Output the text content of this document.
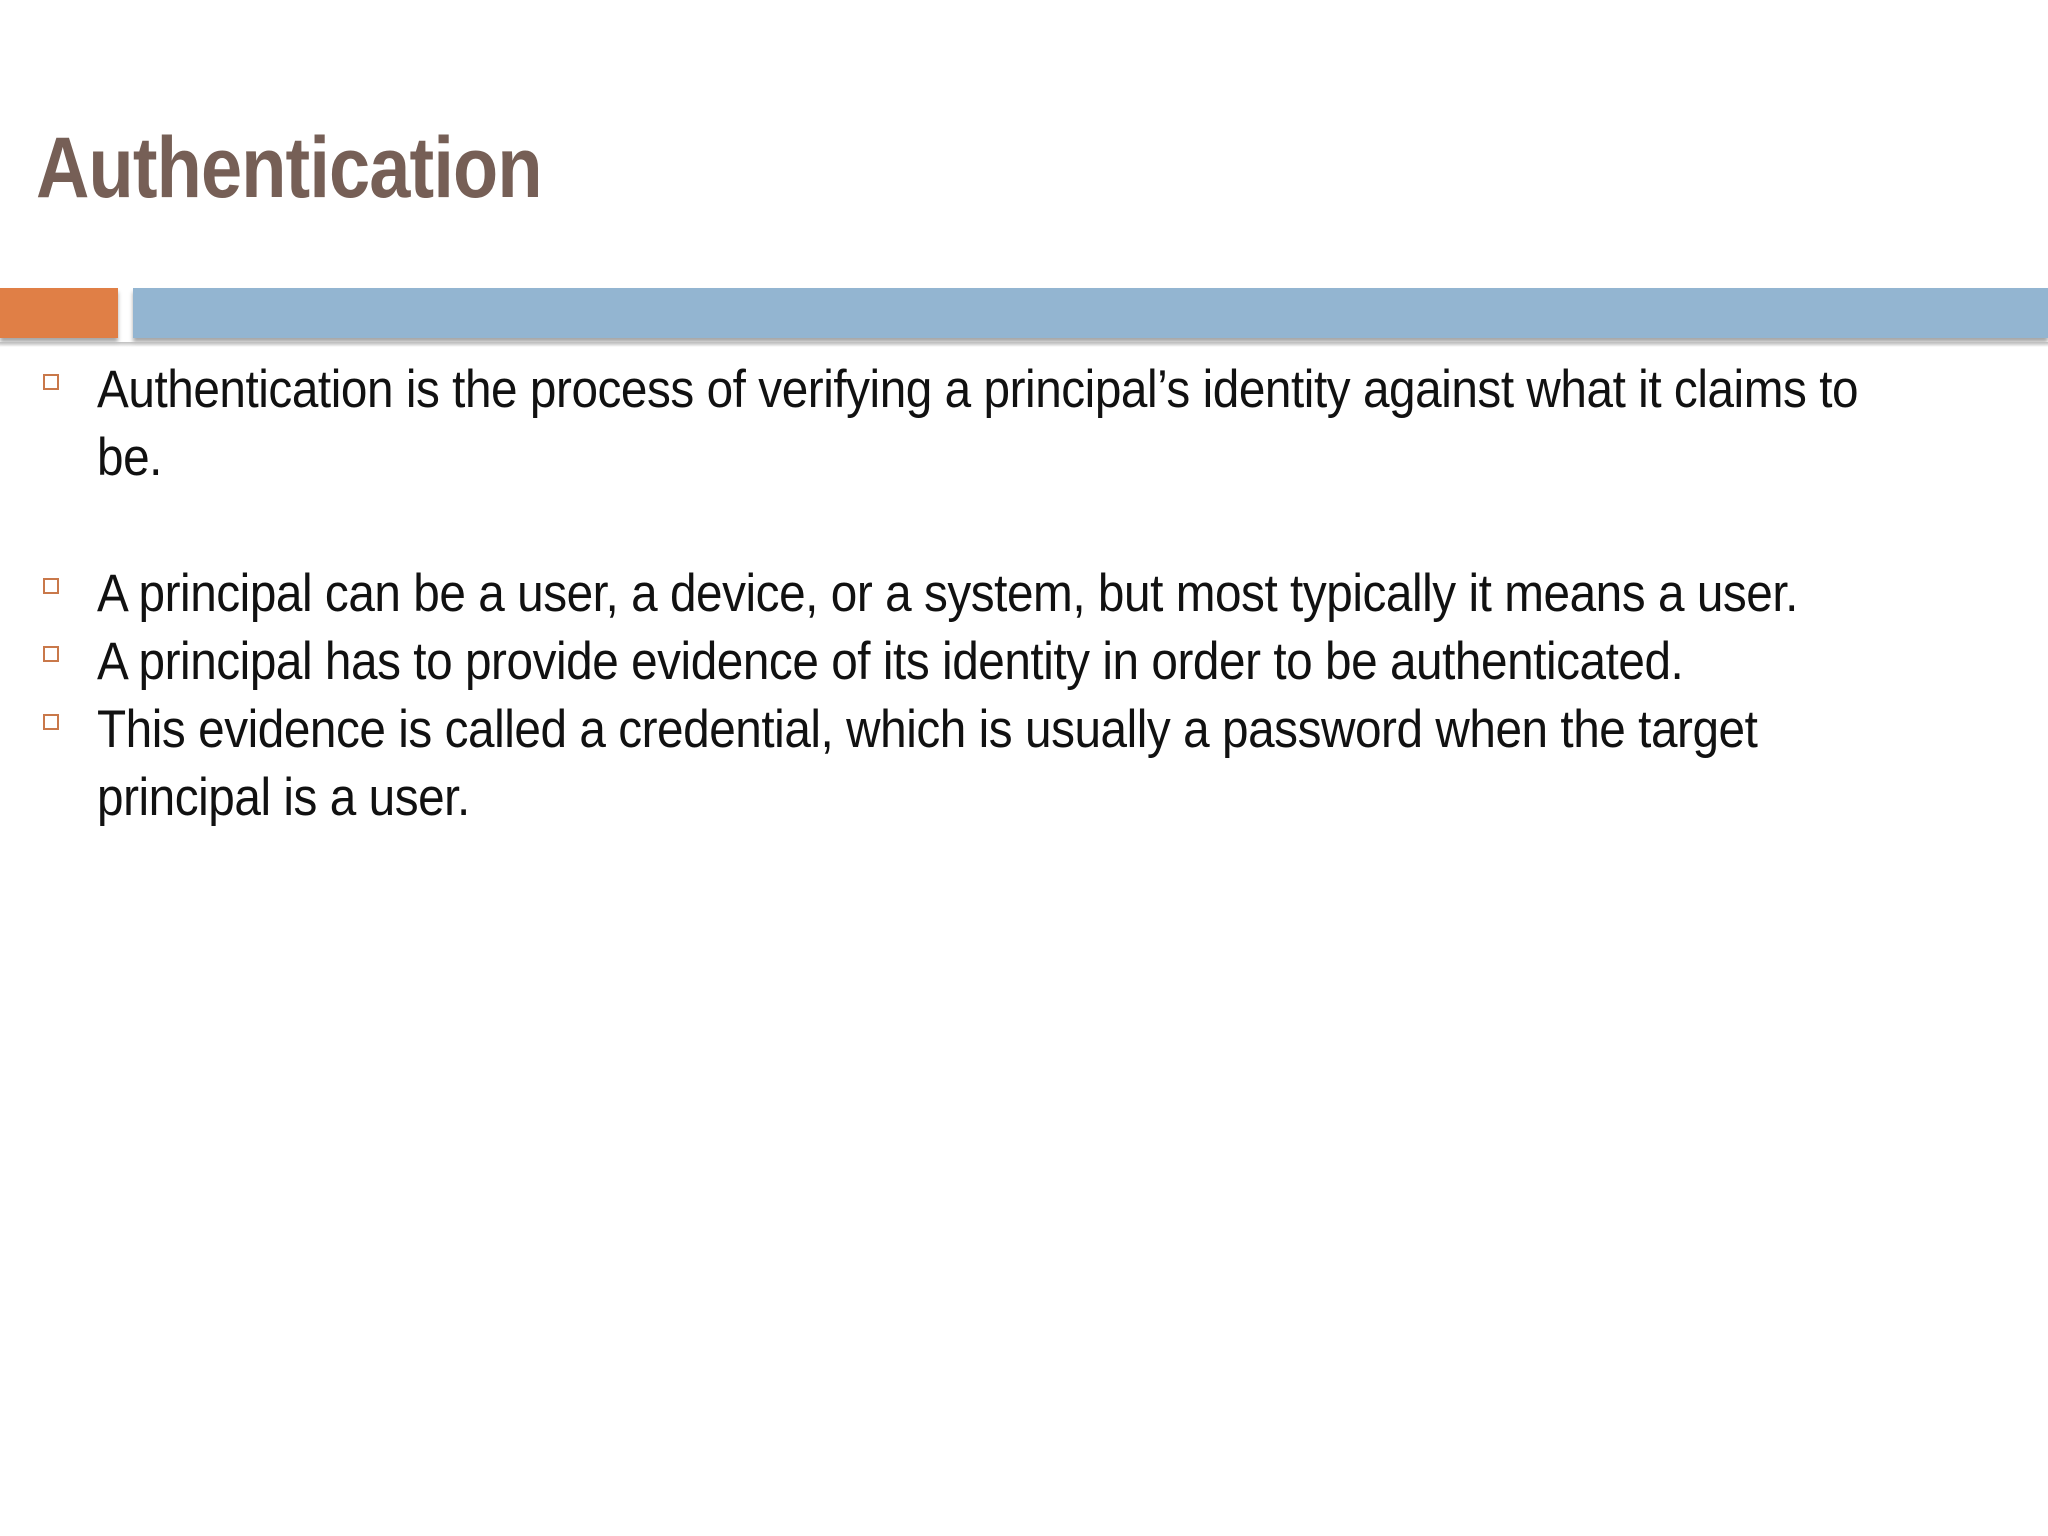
Authentication
Authentication is the process of verifying a principal’s identity against what it claims to be.
A principal can be a user, a device, or a system, but most typically it means a user.
A principal has to provide evidence of its identity in order to be authenticated.
This evidence is called a credential, which is usually a password when the target principal is a user.
